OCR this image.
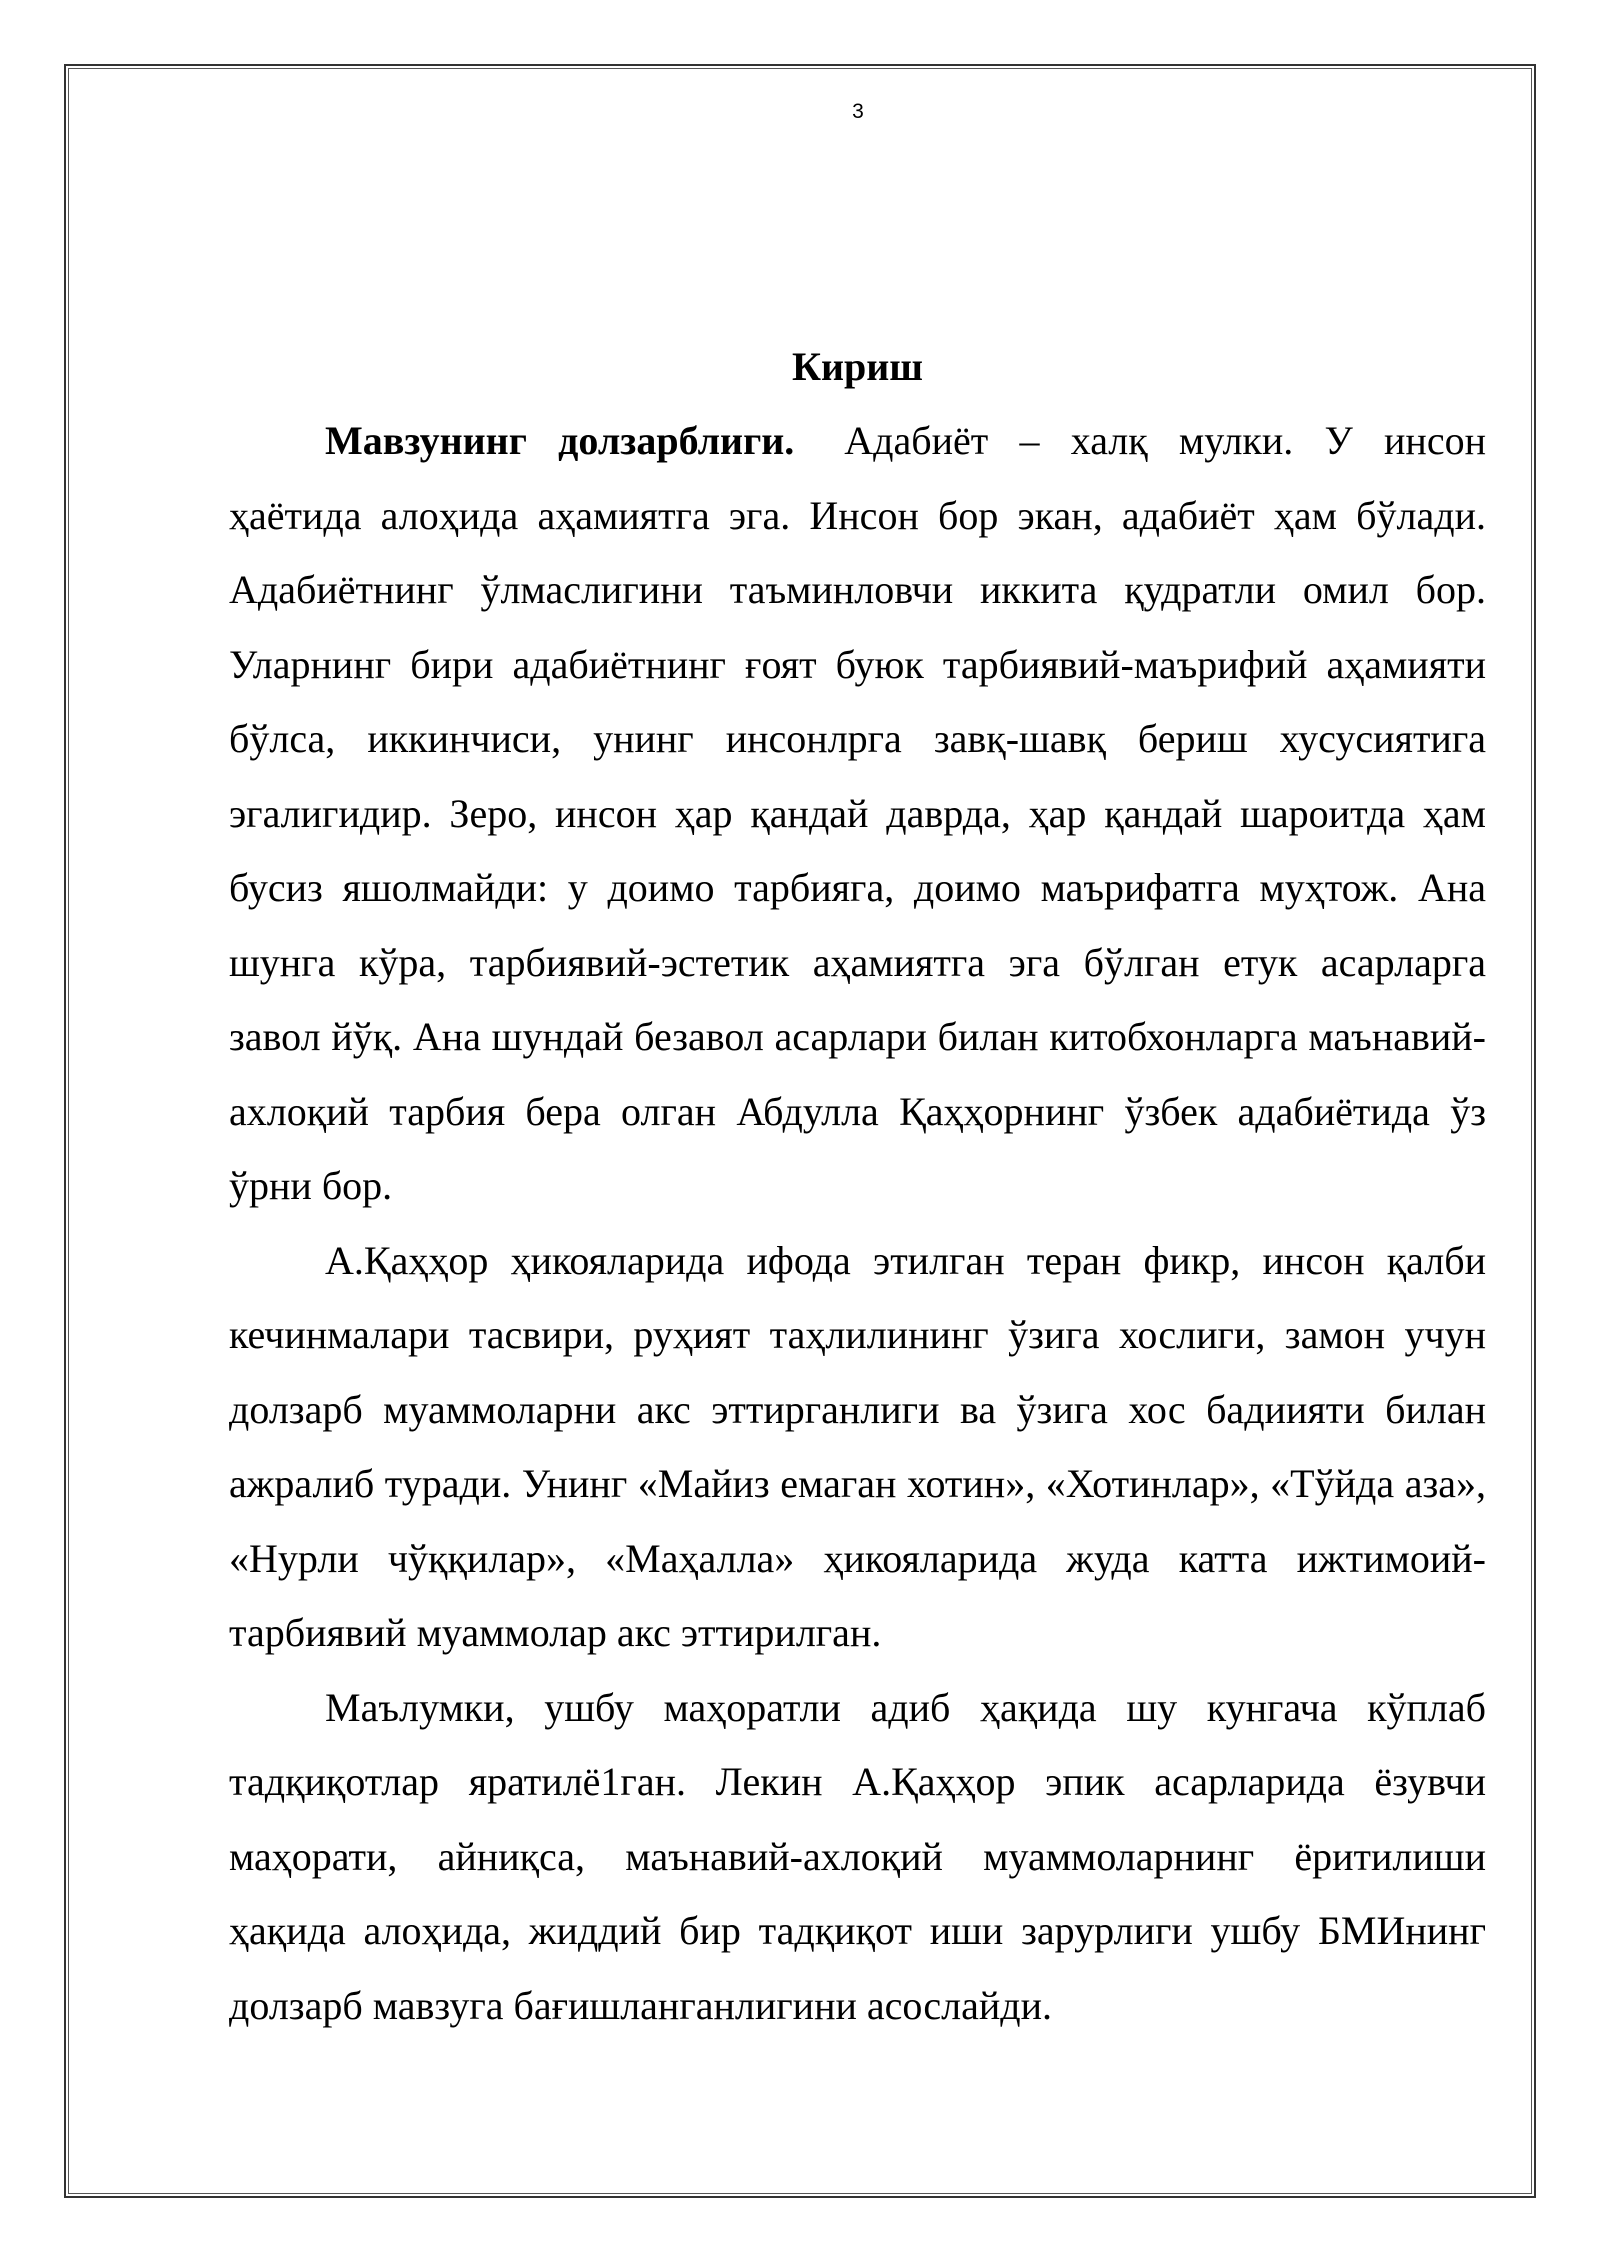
3
Кириш

Мавзунинг долзарблиги. Адабиёт – халқ мулки. У инсон ҳаётида алоҳида аҳамиятга эга. Инсон бор экан, адабиёт ҳам бўлади. Адабиётнинг ўлмаслигини таъминловчи иккита қудратли омил бор. Уларнинг бири адабиётнинг ғоят буюк тарбиявий-маърифий аҳамияти бўлса, иккинчиси, унинг инсонлрга завқ-шавқ бериш хусусиятига эгалигидир. Зеро, инсон ҳар қандай даврда, ҳар қандай шароитда ҳам бусиз яшолмайди: у доимо тарбияга, доимо маърифатга муҳтож. Ана шунга кўра, тарбиявий-эстетик аҳамиятга эга бўлган етук асарларга завол йўқ. Ана шундай безавол асарлари билан китобхонларга маънавий-ахлоқий тарбия бера олган Абдулла Қаҳҳорнинг ўзбек адабиётида ўз ўрни бор.

А.Қаҳҳор ҳикояларида ифода этилган теран фикр, инсон қалби кечинмалари тасвири, руҳият таҳлилининг ўзига хослиги, замон учун долзарб муаммоларни акс эттирганлиги ва ўзига хос бадиияти билан ажралиб туради. Унинг «Майиз емаган хотин», «Хотинлар», «Тўйда аза», «Нурли чўққилар», «Маҳалла» ҳикояларида жуда катта ижтимоий-тарбиявий муаммолар акс эттирилган.

Маълумки, ушбу маҳоратли адиб ҳақида шу кунгача кўплаб тадқиқотлар яратилё1ган. Лекин А.Қаҳҳор эпик асарларида ёзувчи маҳорати, айниқса, маънавий-ахлоқий муаммоларнинг ёритилиши ҳақида алоҳида, жиддий бир тадқиқот иши зарурлиги ушбу БМИнинг долзарб мавзуга бағишланганлигини асослайди.
